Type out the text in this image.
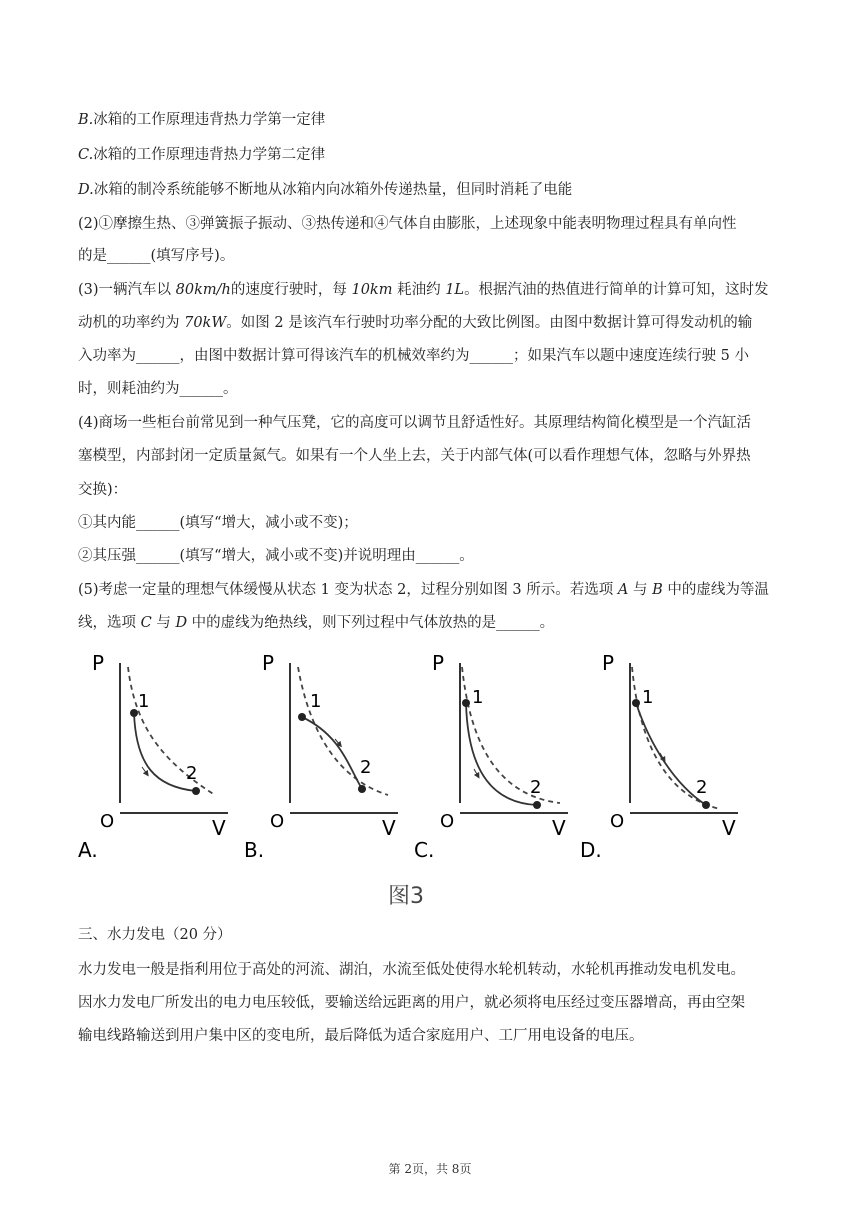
B.冰箱的工作原理违背热力学第一定律
C.冰箱的工作原理违背热力学第二定律
D.冰箱的制冷系统能够不断地从冰箱内向冰箱外传递热量，但同时消耗了电能
(2)①摩擦生热、③弹簧振子振动、③热传递和④气体自由膨胀，上述现象中能表明物理过程具有单向性
的是______(填写序号)。
(3)一辆汽车以 80km/h的速度行驶时，每 10km 耗油约 1L。根据汽油的热值进行简单的计算可知，这时发
动机的功率约为 70kW。如图 2 是该汽车行驶时功率分配的大致比例图。由图中数据计算可得发动机的输
入功率为______，由图中数据计算可得该汽车的机械效率约为______；如果汽车以题中速度连续行驶 5 小
时，则耗油约为______。
(4)商场一些柜台前常见到一种气压凳，它的高度可以调节且舒适性好。其原理结构简化模型是一个汽缸活
塞模型，内部封闭一定质量氮气。如果有一个人坐上去，关于内部气体(可以看作理想气体，忽略与外界热
交换)：
①其内能______(填写“增大，减小或不变)；
②其压强______(填写“增大，减小或不变)并说明理由______。
(5)考虑一定量的理想气体缓慢从状态 1 变为状态 2，过程分别如图 3 所示。若选项 A 与 B 中的虚线为等温
线，选项 C 与 D 中的虚线为绝热线，则下列过程中气体放热的是______。
P
V
O
1
2
A.
P
V
O
1
2
B.
P
V
O
1
2
C.
P
V
O
1
2
D.
图3
三、水力发电（20 分）
水力发电一般是指利用位于高处的河流、湖泊，水流至低处使得水轮机转动，水轮机再推动发电机发电。
因水力发电厂所发出的电力电压较低，要输送给远距离的用户，就必须将电压经过变压器增高，再由空架
输电线路输送到用户集中区的变电所，最后降低为适合家庭用户、工厂用电设备的电压。
第 2页，共 8页
